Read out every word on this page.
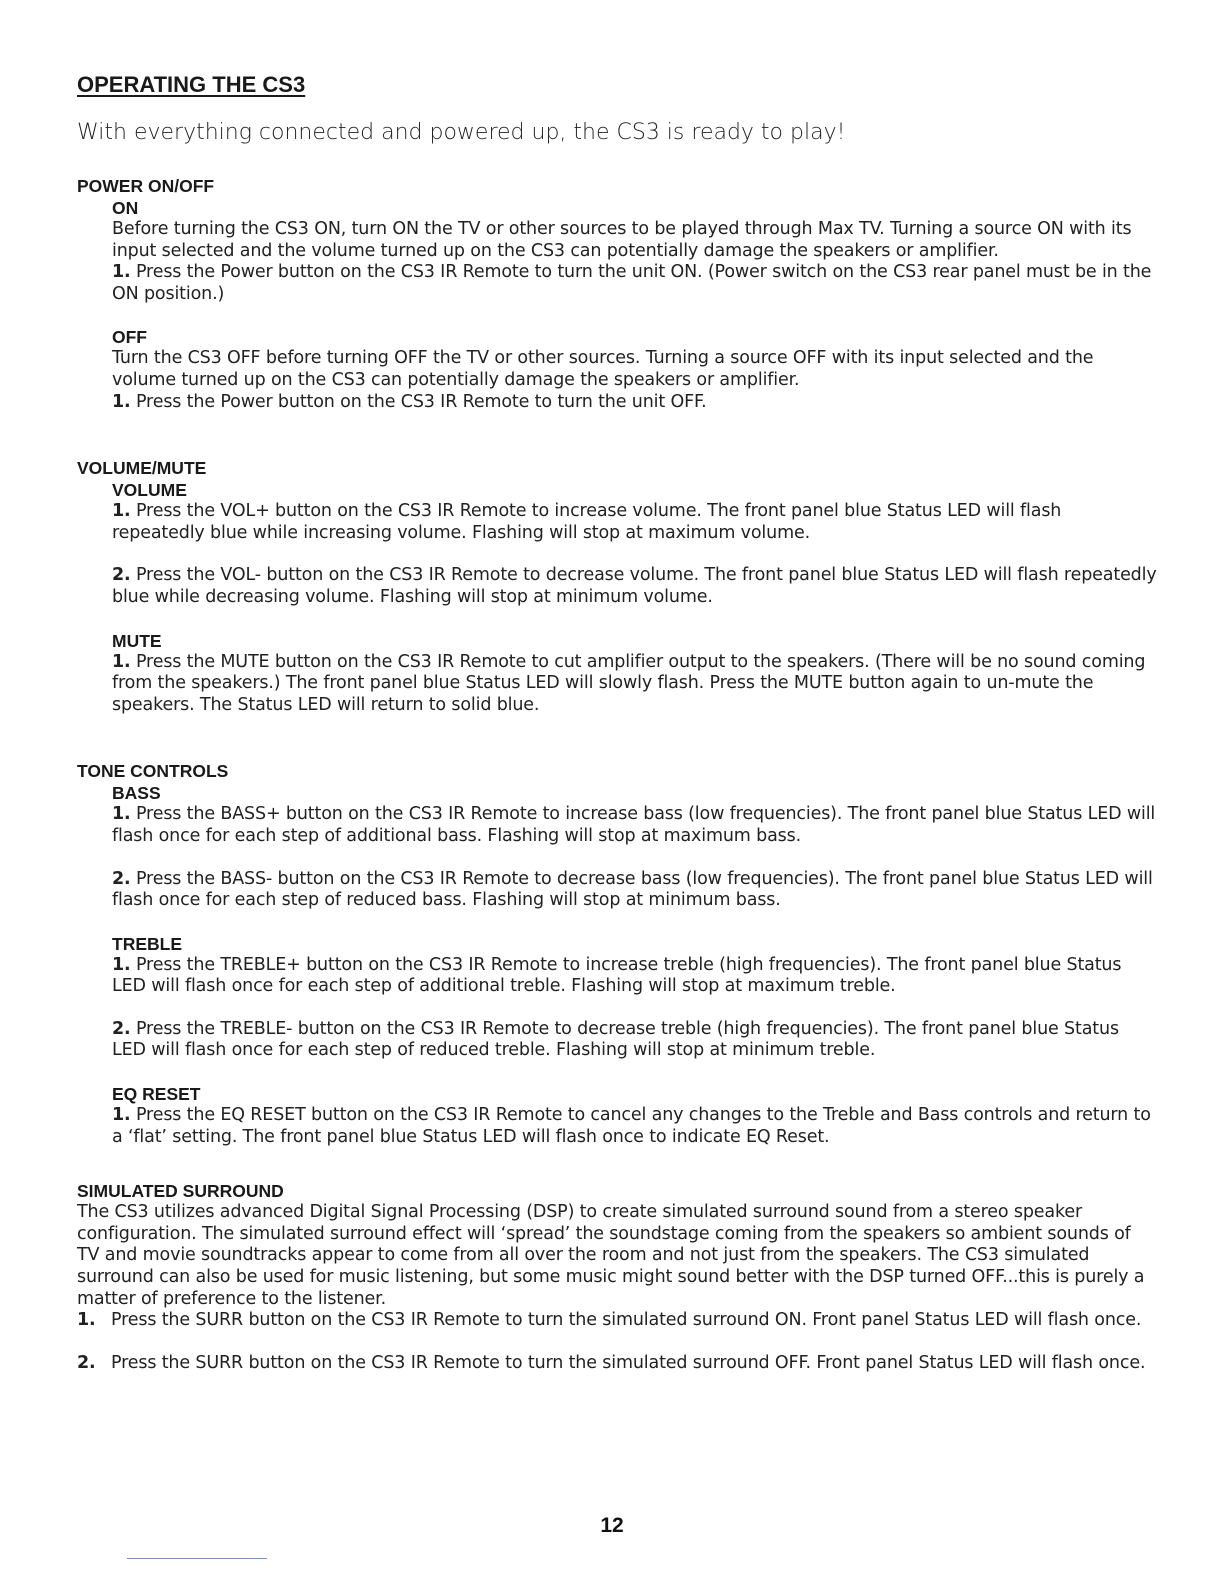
OPERATING THE CS3
With everything connected and powered up, the CS3 is ready to play!
POWER ON/OFF
ON

Before turning the CS3 ON, turn ON the TV or other sources to be played through Max TV. Turning a source ON with its input selected and the volume turned up on the CS3 can potentially damage the speakers or amplifier.

1. Press the Power button on the CS3 IR Remote to turn the unit ON. (Power switch on the CS3 rear panel must be in the ON position.)

OFF

Turn the CS3 OFF before turning OFF the TV or other sources. Turning a source OFF with its input selected and the volume turned up on the CS3 can potentially damage the speakers or amplifier.

1. Press the Power button on the CS3 IR Remote to turn the unit OFF.

VOLUME/MUTE
VOLUME

1. Press the VOL+ button on the CS3 IR Remote to increase volume. The front panel blue Status LED will flash repeatedly blue while increasing volume. Flashing will stop at maximum volume.

2. Press the VOL- button on the CS3 IR Remote to decrease volume. The front panel blue Status LED will flash repeatedly blue while decreasing volume. Flashing will stop at minimum volume.

MUTE

1. Press the MUTE button on the CS3 IR Remote to cut amplifier output to the speakers. (There will be no sound coming from the speakers.) The front panel blue Status LED will slowly flash. Press the MUTE button again to un-mute the speakers. The Status LED will return to solid blue.

TONE CONTROLS
BASS

1. Press the BASS+ button on the CS3 IR Remote to increase bass (low frequencies). The front panel blue Status LED will flash once for each step of additional bass. Flashing will stop at maximum bass.

2. Press the BASS- button on the CS3 IR Remote to decrease bass (low frequencies). The front panel blue Status LED will flash once for each step of reduced bass. Flashing will stop at minimum bass.

TREBLE

1. Press the TREBLE+ button on the CS3 IR Remote to increase treble (high frequencies). The front panel blue Status LED will flash once for each step of additional treble. Flashing will stop at maximum treble.

2. Press the TREBLE- button on the CS3 IR Remote to decrease treble (high frequencies). The front panel blue Status LED will flash once for each step of reduced treble. Flashing will stop at minimum treble.

EQ RESET

1. Press the EQ RESET button on the CS3 IR Remote to cancel any changes to the Treble and Bass controls and return to a ‘flat’ setting. The front panel blue Status LED will flash once to indicate EQ Reset.

SIMULATED SURROUND

The CS3 utilizes advanced Digital Signal Processing (DSP) to create simulated surround sound from a stereo speaker configuration. The simulated surround effect will ‘spread’ the soundstage coming from the speakers so ambient sounds of TV and movie soundtracks appear to come from all over the room and not just from the speakers. The CS3 simulated surround can also be used for music listening, but some music might sound better with the DSP turned OFF...this is purely a matter of preference to the listener.

1. Press the SURR button on the CS3 IR Remote to turn the simulated surround ON. Front panel Status LED will flash once.
2. Press the SURR button on the CS3 IR Remote to turn the simulated surround OFF. Front panel Status LED will flash once.
12
